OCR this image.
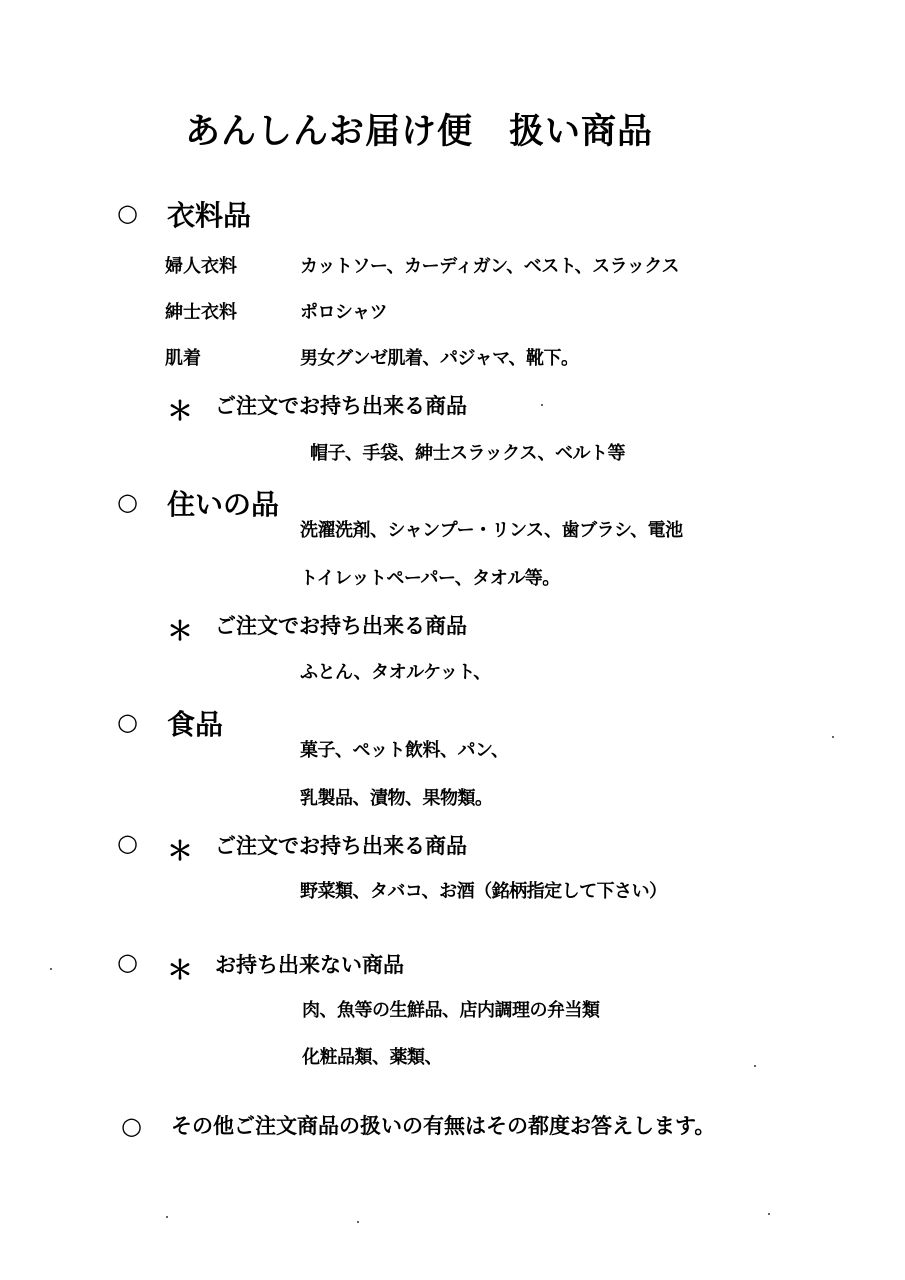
あんしんお届け便　扱い商品
○ 衣料品
婦人衣料	カットソー、カーディガン、ベスト、スラックス
紳士衣料	ポロシャツ
肌着	男女グンゼ肌着、パジャマ、靴下。
＊ ご注文でお持ち出来る商品
帽子、手袋、紳士スラックス、ベルト等
○ 住いの品
洗濯洗剤、シャンプー・リンス、歯ブラシ、電池
トイレットペーパー、タオル等。
＊ ご注文でお持ち出来る商品
ふとん、タオルケット、
○ 食品
菓子、ペット飲料、パン、
乳製品、漬物、果物類。
○ ＊ ご注文でお持ち出来る商品
野菜類、タバコ、お酒（銘柄指定して下さい）
○ ＊ お持ち出来ない商品
肉、魚等の生鮮品、店内調理の弁当類
化粧品類、薬類、
○ その他ご注文商品の扱いの有無はその都度お答えします。
